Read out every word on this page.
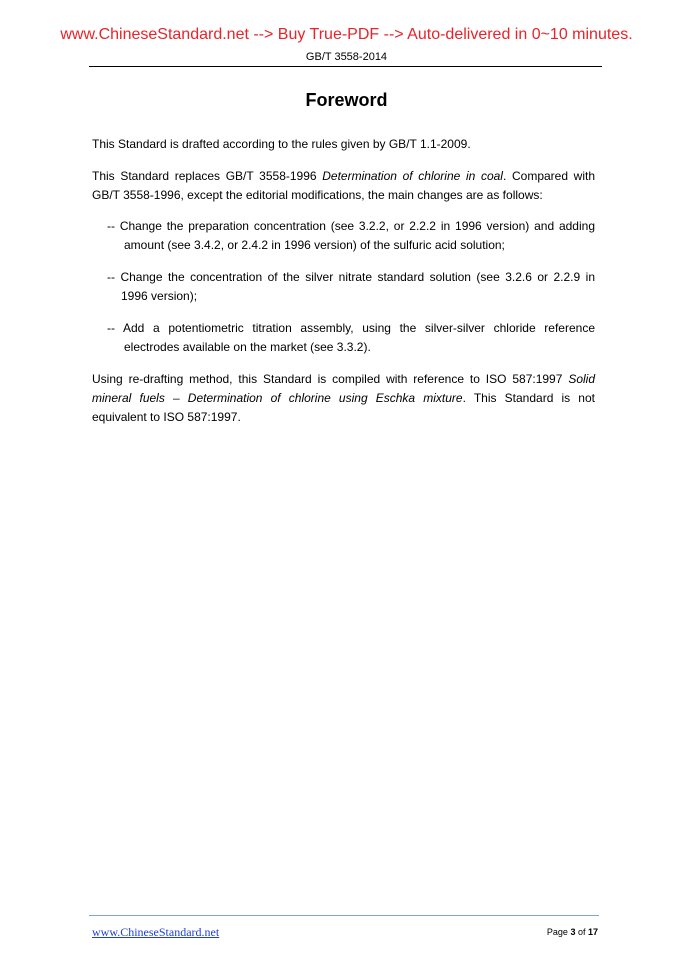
www.ChineseStandard.net --> Buy True-PDF --> Auto-delivered in 0~10 minutes.
GB/T 3558-2014
Foreword

This Standard is drafted according to the rules given by GB/T 1.1-2009.

This Standard replaces GB/T 3558-1996 Determination of chlorine in coal. Compared with GB/T 3558-1996, except the editorial modifications, the main changes are as follows:

-- Change the preparation concentration (see 3.2.2, or 2.2.2 in 1996 version) and adding amount (see 3.4.2, or 2.4.2 in 1996 version) of the sulfuric acid solution;
-- Change the concentration of the silver nitrate standard solution (see 3.2.6 or 2.2.9 in 1996 version);
-- Add a potentiometric titration assembly, using the silver-silver chloride reference electrodes available on the market (see 3.3.2).

Using re-drafting method, this Standard is compiled with reference to ISO 587:1997 Solid mineral fuels – Determination of chlorine using Eschka mixture. This Standard is not equivalent to ISO 587:1997.

www.ChineseStandard.net	Page 3 of 17
